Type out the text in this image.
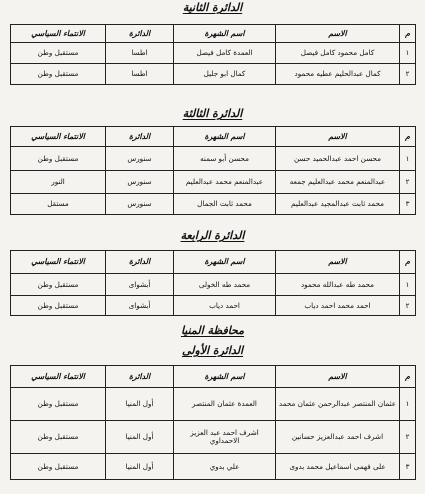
الدائرة الثانية
م	الاسم	اسم الشهرة	الدائرة	الانتماء السياسي
١	كامل محمود كامل فيصل	العمدة كامل فيصل	اطسا	مستقبل وطن
٢	كمال عبدالحليم عطيه محمود	كمال ابو جليل	اطسا	مستقبل وطن
الدائرة الثالثة
م	الاسم	اسم الشهرة	الدائرة	الانتماء السياسي
١	محسن احمد عبدالحميد حسن	محسن أبو سمنه	سنورس	مستقبل وطن
٢	عبدالمنعم محمد عبدالعليم جمعه	عبدالمنعم محمد عبدالعليم	سنورس	النور
٣	محمد ثابت عبدالمجيد عبدالعليم	محمد ثابت الجمال	سنورس	مستقل
الدائرة الرابعة
م	الاسم	اسم الشهرة	الدائرة	الانتماء السياسي
١	محمد طه عبدالله محمود	محمد طه الخولى	أبشواى	مستقبل وطن
٢	احمد محمد احمد دياب	احمد دياب	أبشواى	مستقبل وطن
محافظة المنيا
الدائرة الأولى
م	الاسم	اسم الشهرة	الدائرة	الانتماء السياسي
١	عثمان المنتصر عبدالرحمن عثمان محمد	العمدة عثمان المنتصر	أول المنيا	مستقبل وطن
٢	اشرف احمد عبدالعزيز حسانين	اشرف احمد عبد العزيز الاحمداوي	أول المنيا	مستقبل وطن
٣	على فهمى اسماعيل محمد بدوى	علي بدوي	أول المنيا	مستقبل وطن
